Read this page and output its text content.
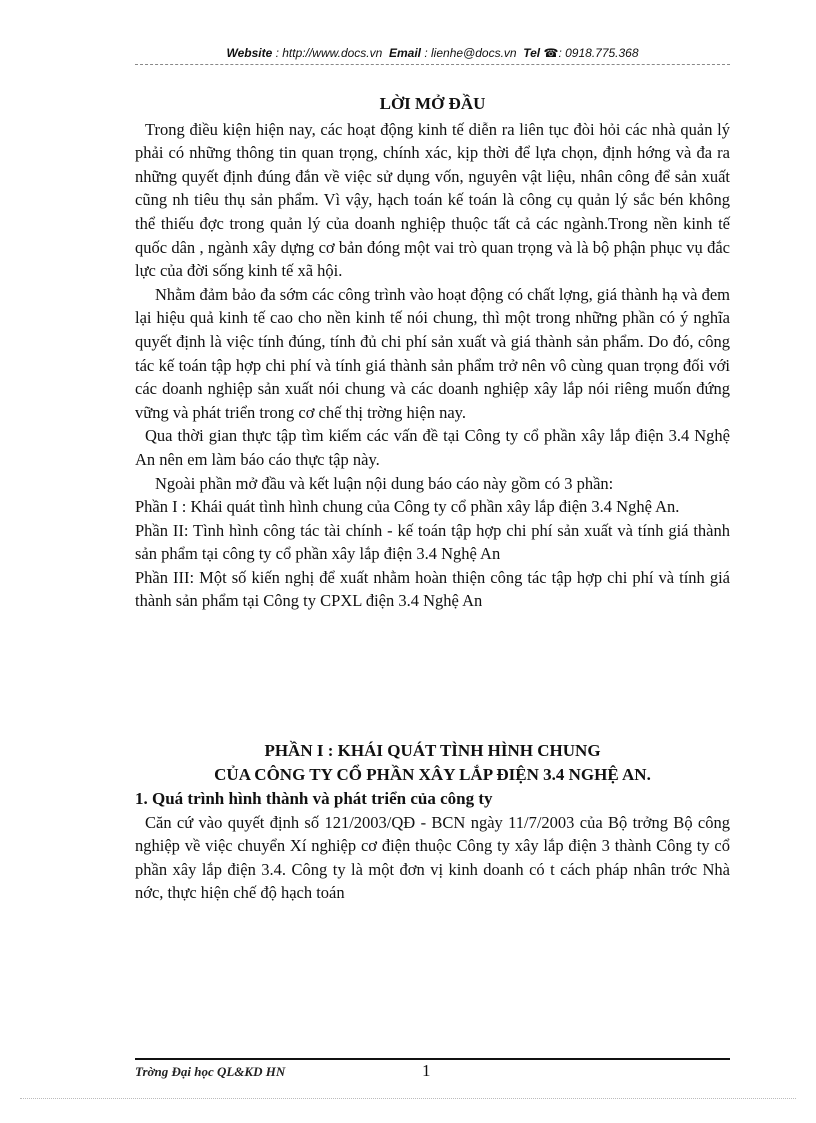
Website : http://www.docs.vn Email : lienhe@docs.vn Tel ☎: 0918.775.368
LỜI MỞ ĐẦU

Trong điều kiện hiện nay, các hoạt động kinh tế diễn ra liên tục đòi hỏi các nhà quản lý phải có những thông tin quan trọng, chính xác, kịp thời để lựa chọn, định hớng và đa ra những quyết định đúng đắn về việc sử dụng vốn, nguyên vật liệu, nhân công để sản xuất cũng nh tiêu thụ sản phẩm. Vì vậy, hạch toán kế toán là công cụ quản lý sắc bén không thể thiếu đợc trong quản lý của doanh nghiệp thuộc tất cả các ngành.Trong nền kinh tế quốc dân , ngành xây dựng cơ bản đóng một vai trò quan trọng và là bộ phận phục vụ đắc lực của đời sống kinh tế xã hội.

Nhằm đảm bảo đa sớm các công trình vào hoạt động có chất lợng, giá thành hạ và đem lại hiệu quả kinh tế cao cho nền kinh tế nói chung, thì một trong những phần có ý nghĩa quyết định là việc tính đúng, tính đủ chi phí sản xuất và giá thành sản phẩm. Do đó, công tác kế toán tập hợp chi phí và tính giá thành sản phẩm trở nên vô cùng quan trọng đối với các doanh nghiệp sản xuất nói chung và các doanh nghiệp xây lắp nói riêng muốn đứng vững và phát triển trong cơ chế thị trờng hiện nay.

Qua thời gian thực tập tìm kiếm các vấn đề tại Công ty cổ phần xây lắp điện 3.4 Nghệ An nên em làm báo cáo thực tập này.

Ngoài phần mở đầu và kết luận nội dung báo cáo này gồm có 3 phần:

Phần I : Khái quát tình hình chung của Công ty cổ phần xây lắp điện 3.4 Nghệ An.

Phần II: Tình hình công tác tài chính - kế toán tập hợp chi phí sản xuất và tính giá thành sản phẩm tại công ty cổ phần xây lắp điện 3.4 Nghệ An

Phần III: Một số kiến nghị để xuất nhằm hoàn thiện công tác tập hợp chi phí và tính giá thành sản phẩm tại Công ty CPXL điện 3.4 Nghệ An

PHẦN I : KHÁI QUÁT TÌNH HÌNH CHUNG
CỦA CÔNG TY CỔ PHẦN XÂY LẮP ĐIỆN 3.4 NGHỆ AN.
1. Quá trình hình thành và phát triển của công ty

Căn cứ vào quyết định số 121/2003/QĐ - BCN ngày 11/7/2003 của Bộ trởng Bộ công nghiệp về việc chuyển Xí nghiệp cơ điện thuộc Công ty xây lắp điện 3 thành Công ty cổ phần xây lắp điện 3.4. Công ty là một đơn vị kinh doanh có t cách pháp nhân trớc Nhà nớc, thực hiện chế độ hạch toán

Trờng Đại học QL&KD HN	1
